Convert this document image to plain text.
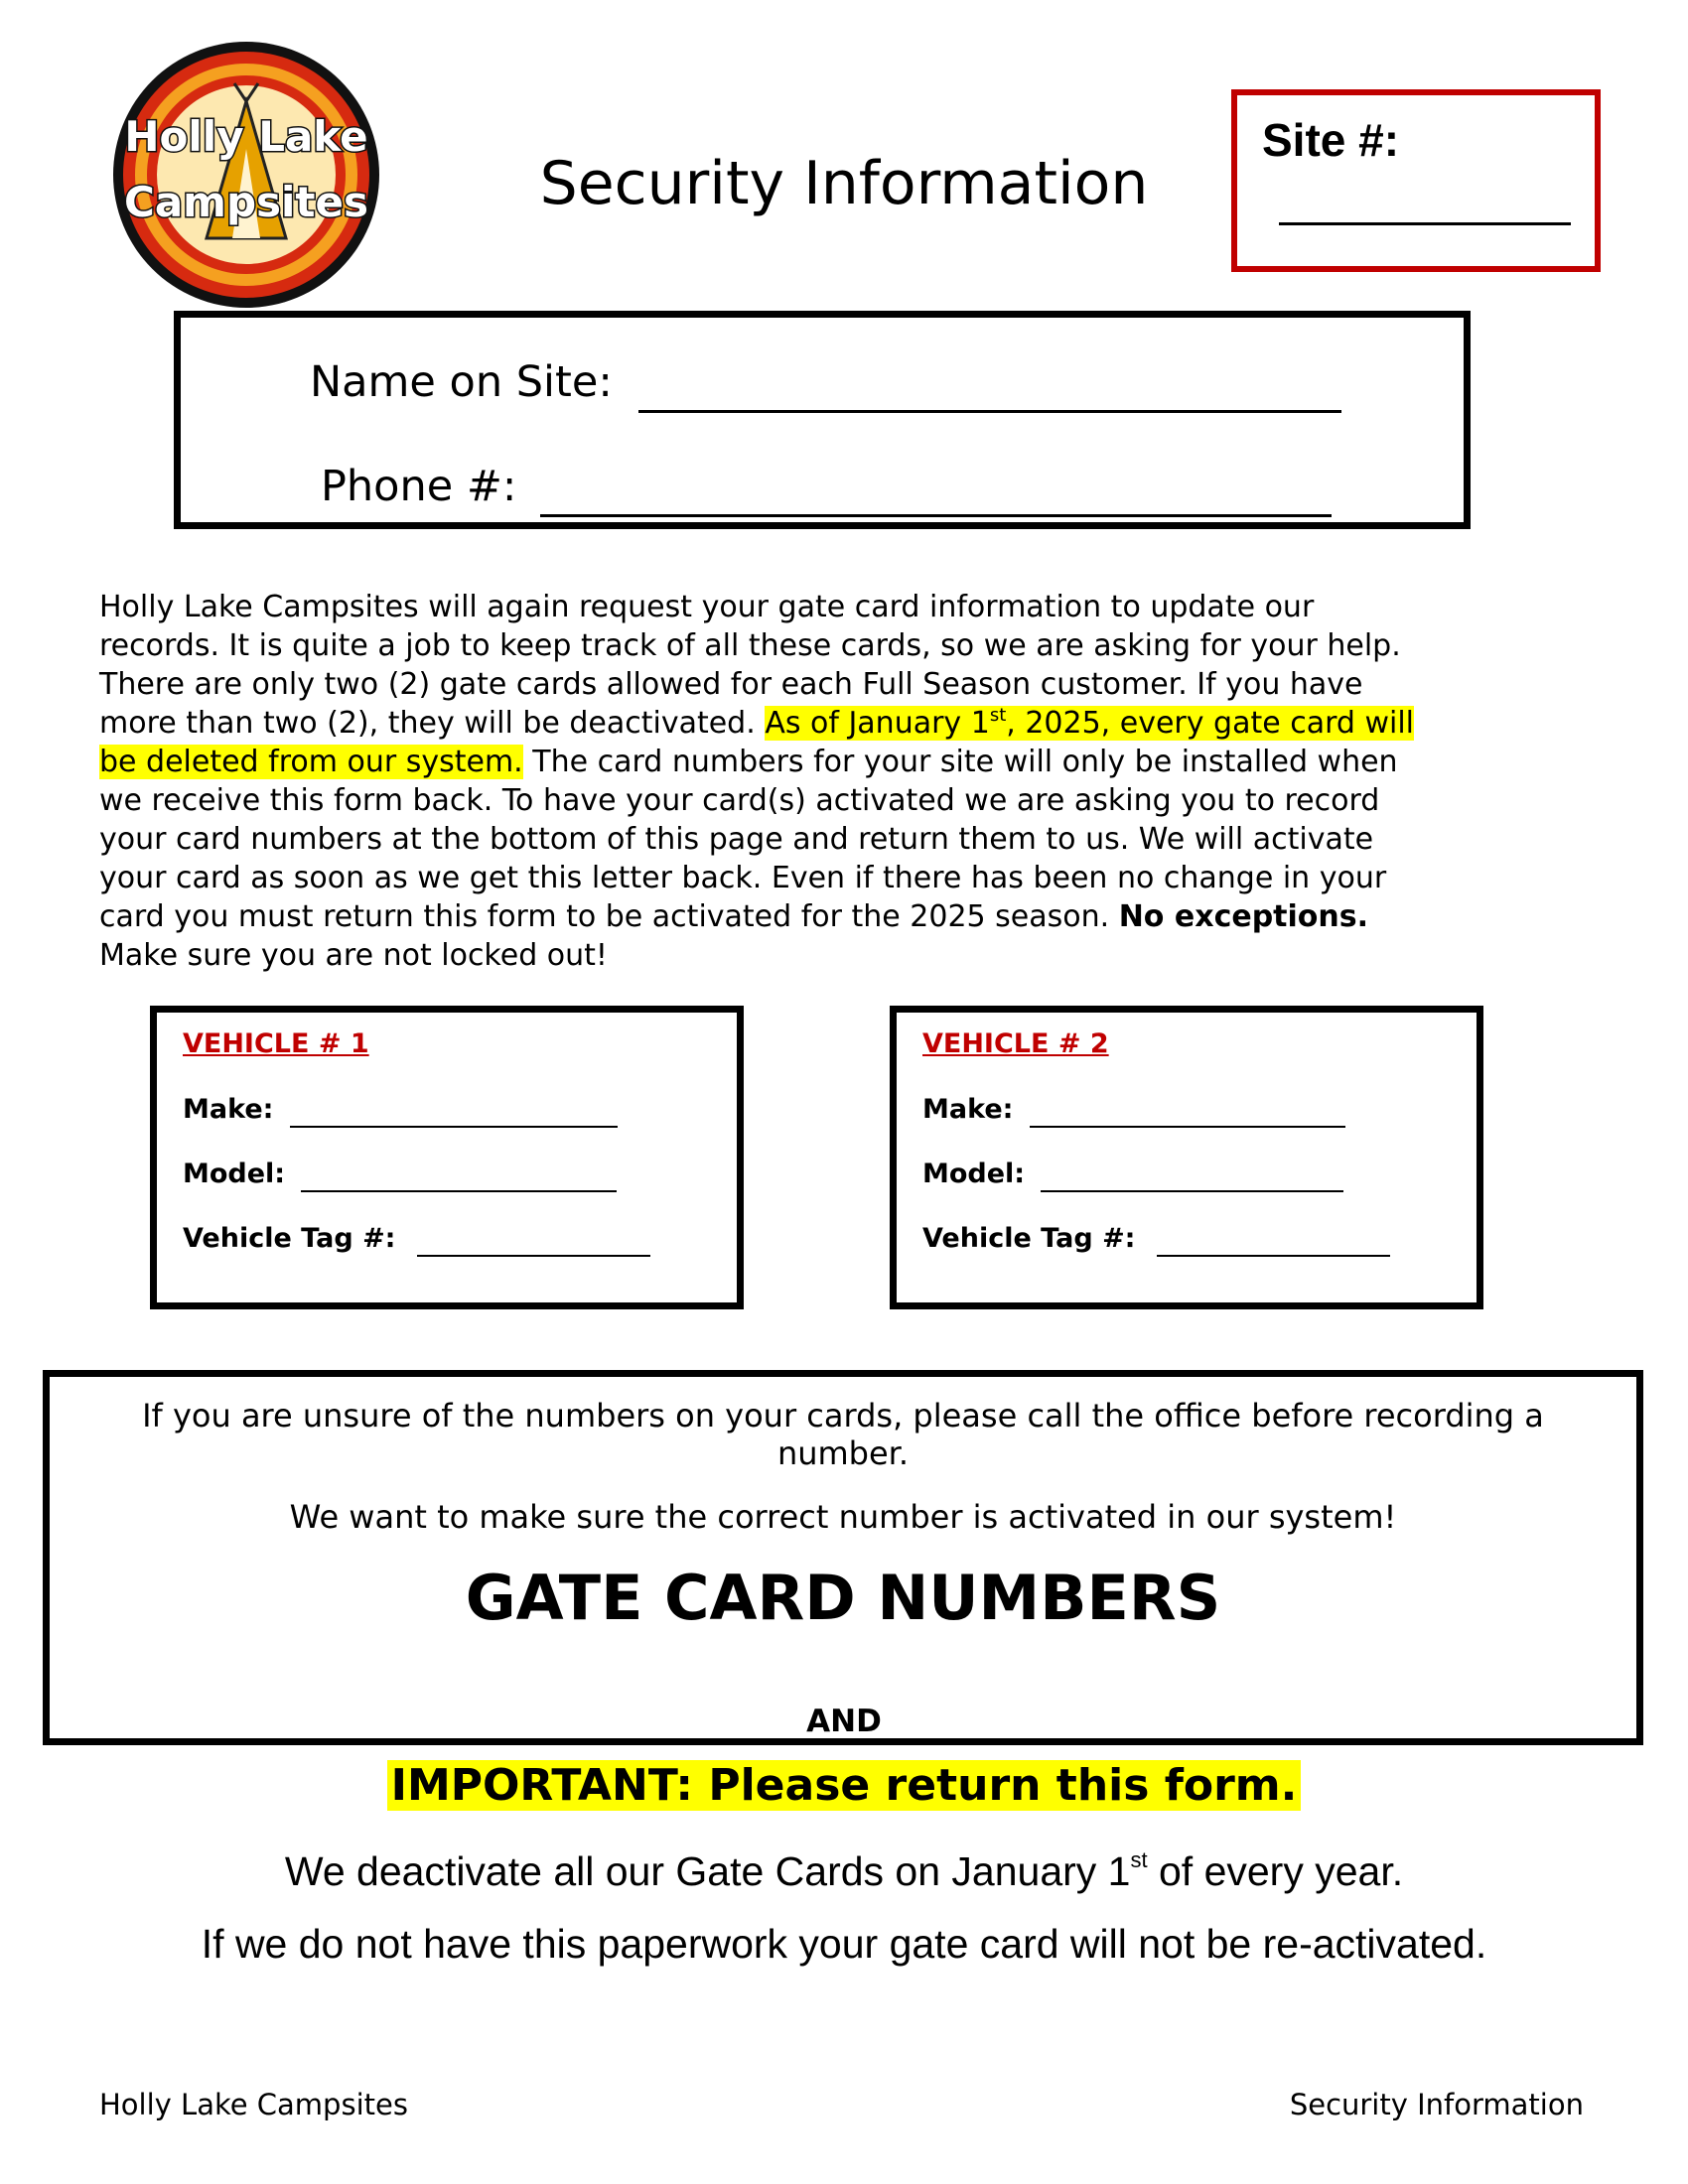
Holly Lake
Campsites	Security Information
Site #:
Name on Site:
Phone #:

Holly Lake Campsites will again request your gate card information to update our

records. It is quite a job to keep track of all these cards, so we are asking for your help.

There are only two (2) gate cards allowed for each Full Season customer. If you have

more than two (2), they will be deactivated. As of January 1st, 2025, every gate card will

be deleted from our system. The card numbers for your site will only be installed when

we receive this form back. To have your card(s) activated we are asking you to record

your card numbers at the bottom of this page and return them to us. We will activate

your card as soon as we get this letter back. Even if there has been no change in your

card you must return this form to be activated for the 2025 season. No exceptions.

Make sure you are not locked out!

VEHICLE # 1
Make:
Model:
Vehicle Tag #:
VEHICLE # 2
Make:
Model:
Vehicle Tag #:
If you are unsure of the numbers on your cards, please call the office before recording a number.
We want to make sure the correct number is activated in our system!
GATE CARD NUMBERS
AND
IMPORTANT: Please return this form.
We deactivate all our Gate Cards on January 1st of every year.
If we do not have this paperwork your gate card will not be re-activated.
Holly Lake Campsites	Security Information
